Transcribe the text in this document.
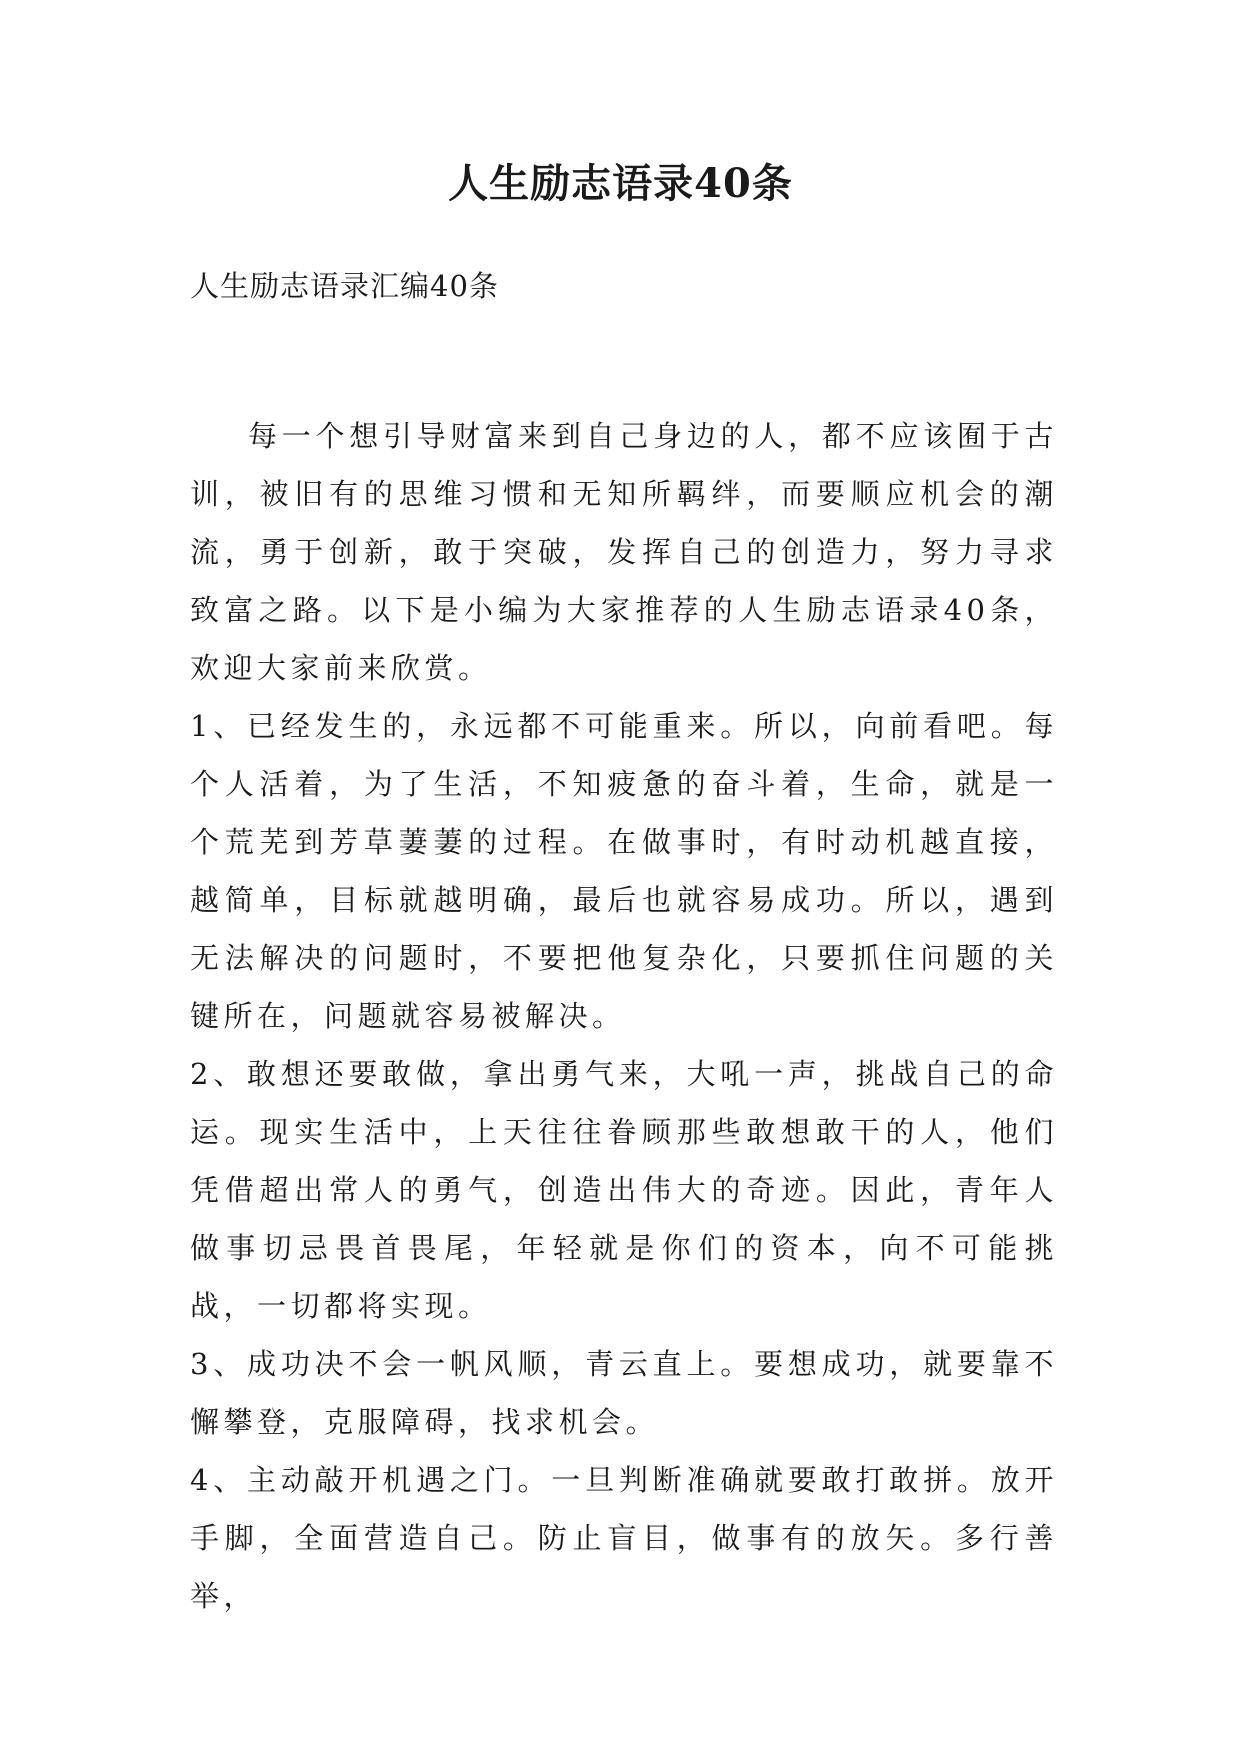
人生励志语录40条
人生励志语录汇编40条

每一个想引导财富来到自己身边的人，都不应该囿于古训，被旧有的思维习惯和无知所羁绊，而要顺应机会的潮流，勇于创新，敢于突破，发挥自己的创造力，努力寻求致富之路。以下是小编为大家推荐的人生励志语录40条，欢迎大家前来欣赏。

1、已经发生的，永远都不可能重来。所以，向前看吧。每个人活着，为了生活，不知疲惫的奋斗着，生命，就是一个荒芜到芳草萋萋的过程。在做事时，有时动机越直接，越简单，目标就越明确，最后也就容易成功。所以，遇到无法解决的问题时，不要把他复杂化，只要抓住问题的关键所在，问题就容易被解决。

2、敢想还要敢做，拿出勇气来，大吼一声，挑战自己的命运。现实生活中，上天往往眷顾那些敢想敢干的人，他们凭借超出常人的勇气，创造出伟大的奇迹。因此，青年人做事切忌畏首畏尾，年轻就是你们的资本，向不可能挑战，一切都将实现。

3、成功决不会一帆风顺，青云直上。要想成功，就要靠不懈攀登，克服障碍，找求机会。

4、主动敲开机遇之门。一旦判断准确就要敢打敢拼。放开手脚，全面营造自己。防止盲目，做事有的放矢。多行善举，
